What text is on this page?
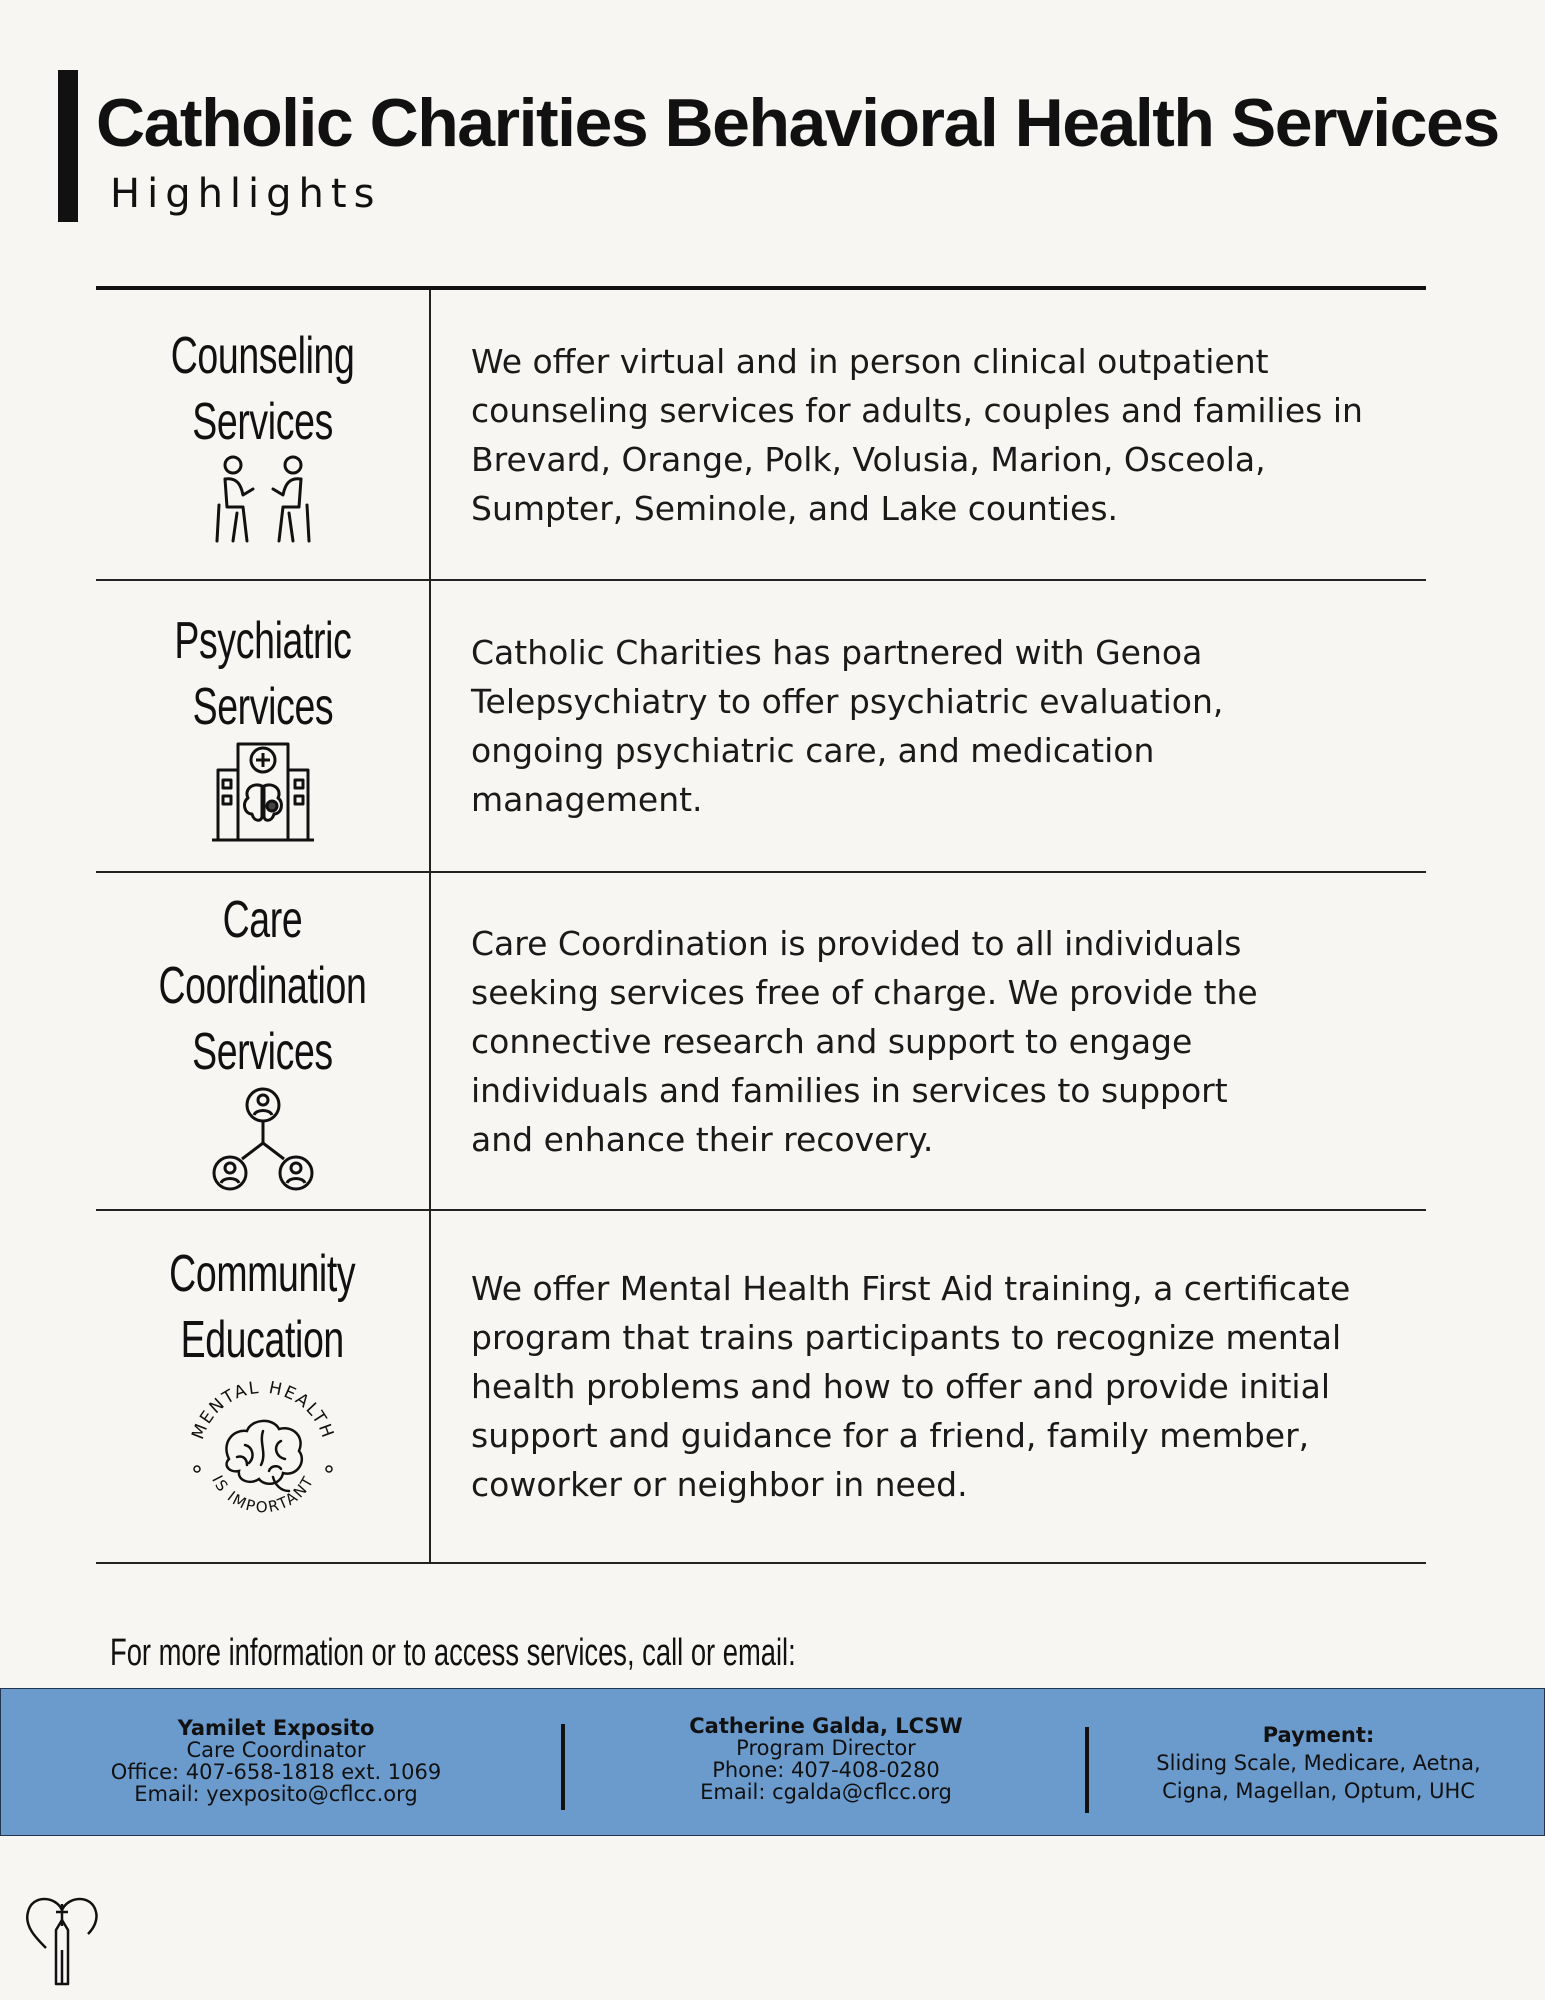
Catholic Charities Behavioral Health Services
Highlights
Counseling
Services
We offer virtual and in person clinical outpatient
counseling services for adults, couples and families in
Brevard, Orange, Polk, Volusia, Marion, Osceola,
Sumpter, Seminole, and Lake counties.
Psychiatric
Services
Catholic Charities has partnered with Genoa
Telepsychiatry to offer psychiatric evaluation,
ongoing psychiatric care, and medication management.
Care
Coordination
Services
Care Coordination is provided to all individuals
seeking services free of charge. We provide the
connective research and support to engage
individuals and families in services to support
and enhance their recovery.
Community
Education
MENTAL HEALTH
IS IMPORTANT
We offer Mental Health First Aid training, a certificate
program that trains participants to recognize mental
health problems and how to offer and provide initial
support and guidance for a friend, family member,
coworker or neighbor in need.
For more information or to access services, call or email:
Yamilet Exposito
Care Coordinator
Office: 407-658-1818 ext. 1069
Email: yexposito@cflcc.org
Catherine Galda, LCSW
Program Director
Phone: 407-408-0280
Email: cgalda@cflcc.org
Payment:
Sliding Scale, Medicare, Aetna,
Cigna, Magellan, Optum, UHC
